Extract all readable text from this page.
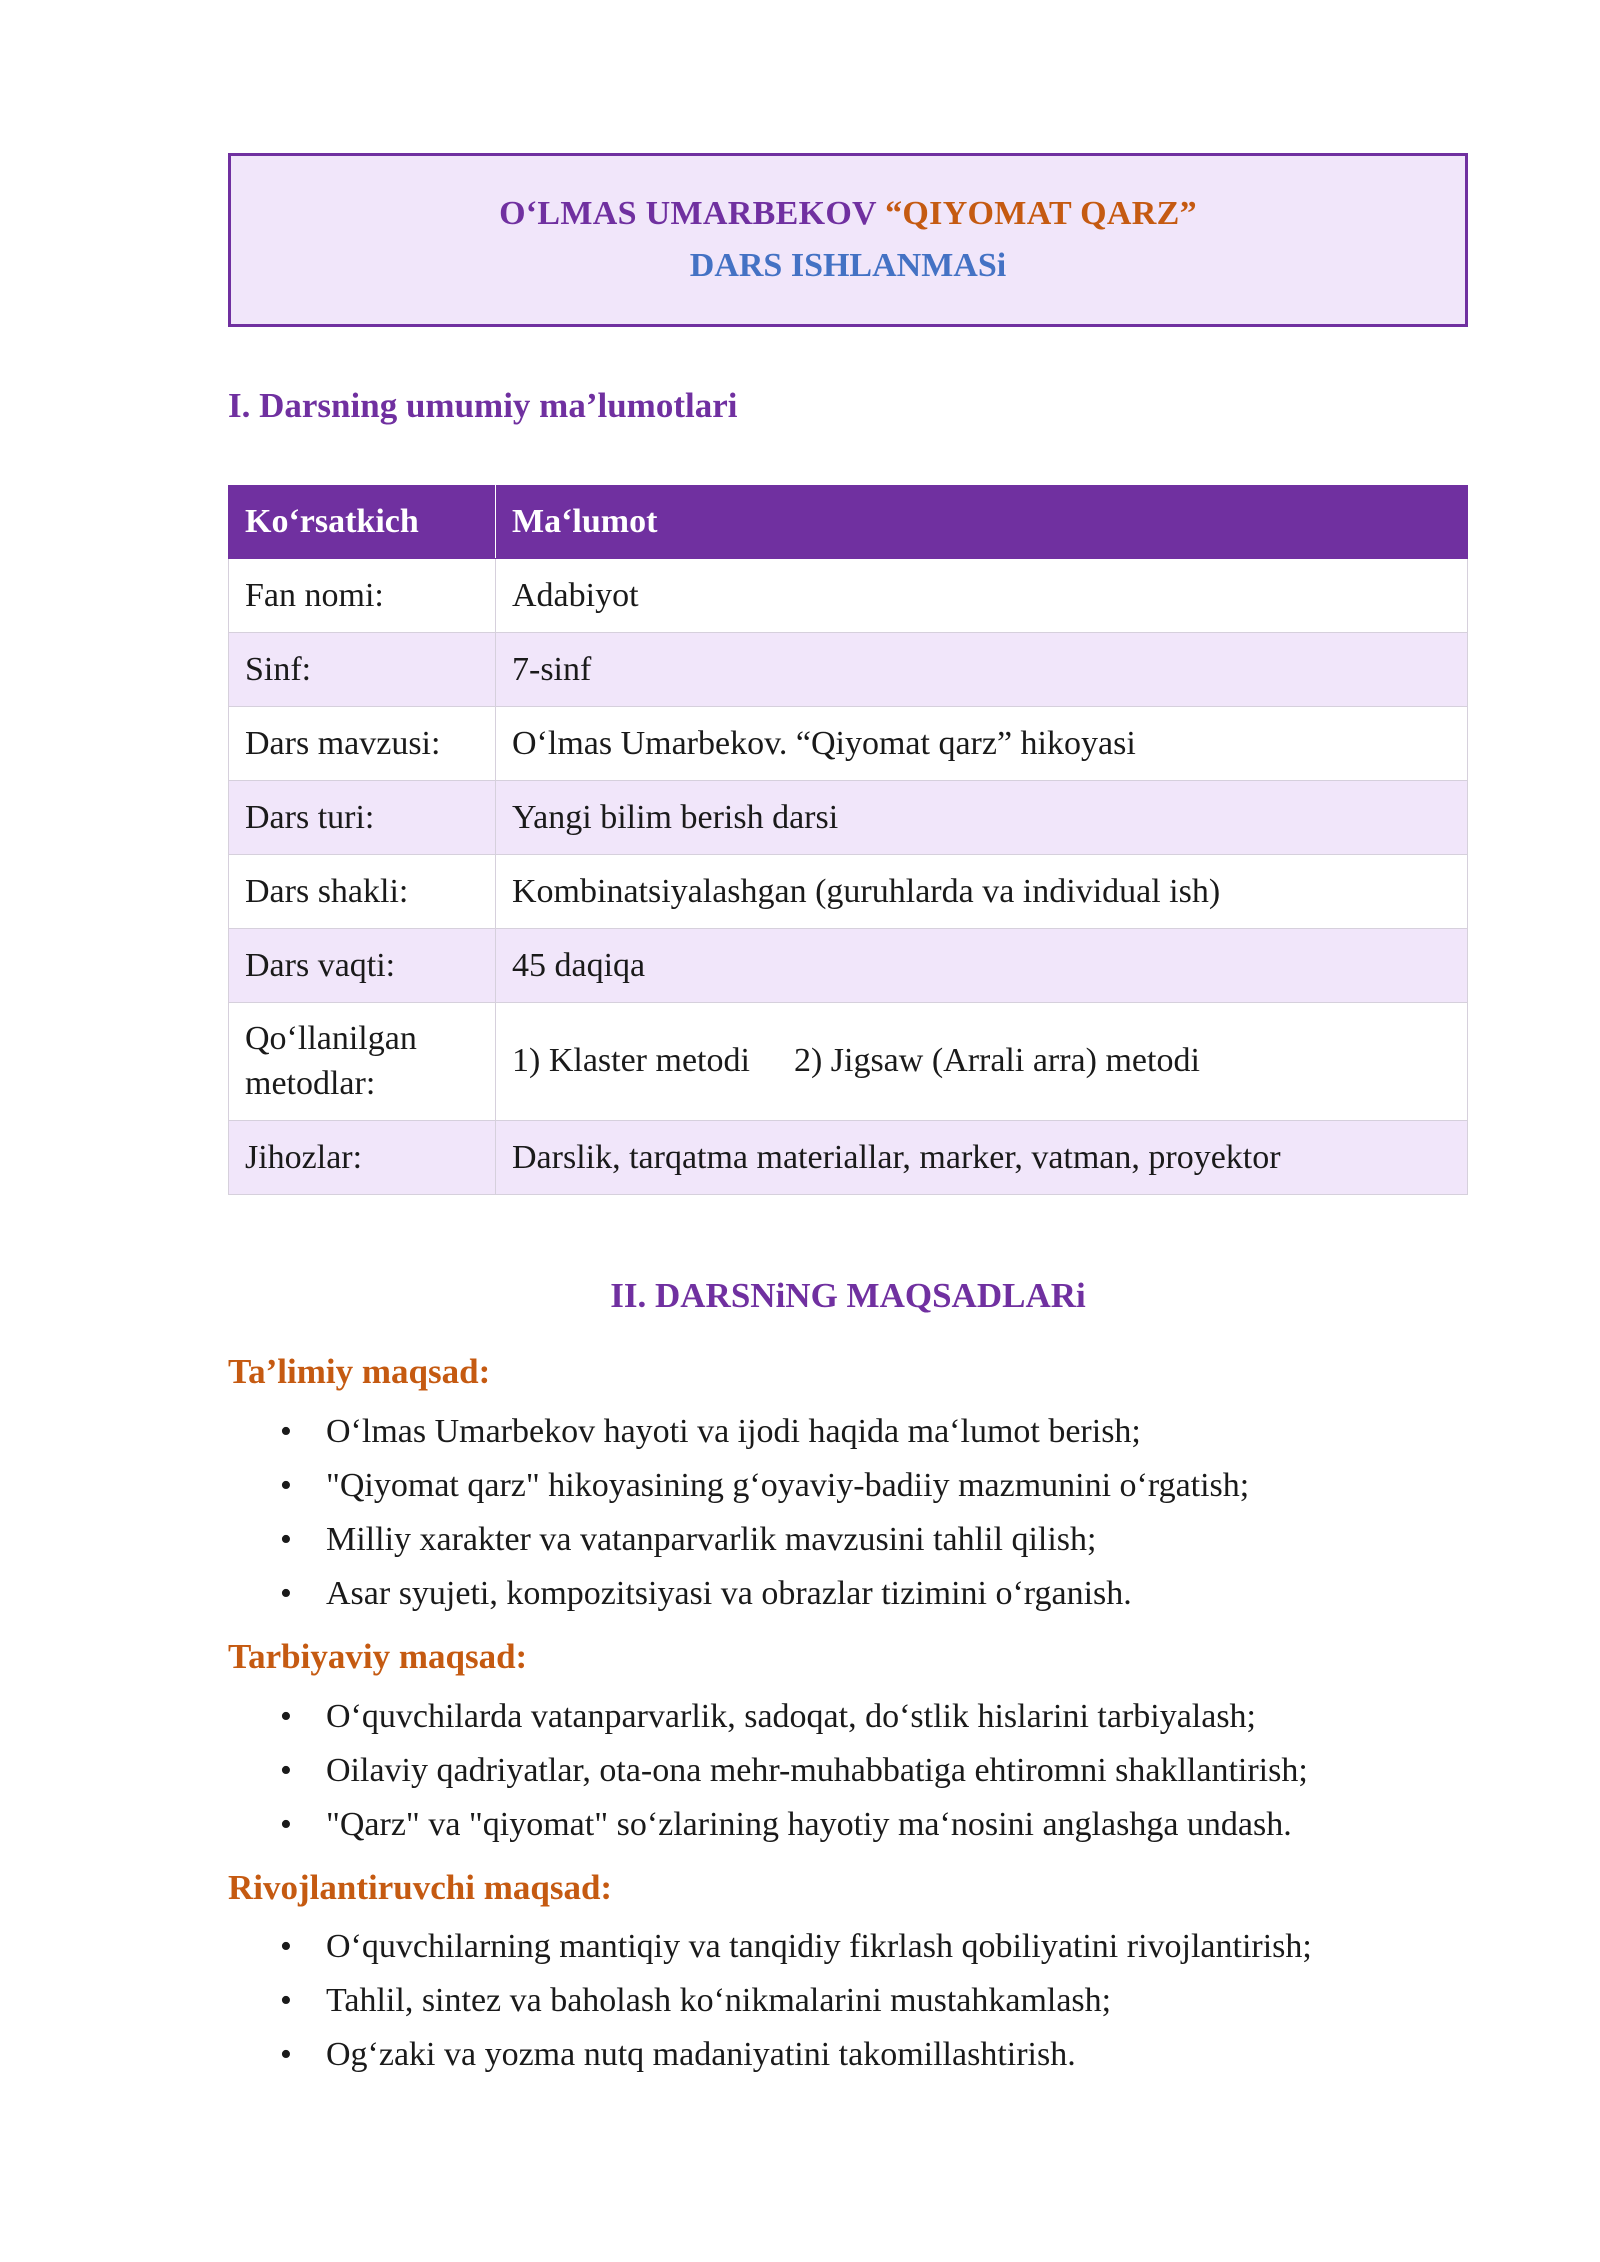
O‘LMAS UMARBEKOV “QIYOMAT QARZ”
DARS ISHLANMASi
I. Darsning umumiy ma’lumotlari
Ko‘rsatkich	Ma‘lumot
Fan nomi:	Adabiyot
Sinf:	7-sinf
Dars mavzusi:	O‘lmas Umarbekov. “Qiyomat qarz” hikoyasi
Dars turi:	Yangi bilim berish darsi
Dars shakli:	Kombinatsiyalashgan (guruhlarda va individual ish)
Dars vaqti:	45 daqiqa
Qo‘llanilgan
metodlar:	1) Klaster metodi 2) Jigsaw (Arrali arra) metodi
Jihozlar:	Darslik, tarqatma materiallar, marker, vatman, proyektor
II. DARSNiNG MAQSADLARi
Ta’limiy maqsad:
• O‘lmas Umarbekov hayoti va ijodi haqida ma‘lumot berish;
• "Qiyomat qarz" hikoyasining g‘oyaviy-badiiy mazmunini o‘rgatish;
• Milliy xarakter va vatanparvarlik mavzusini tahlil qilish;
• Asar syujeti, kompozitsiyasi va obrazlar tizimini o‘rganish.
Tarbiyaviy maqsad:
• O‘quvchilarda vatanparvarlik, sadoqat, do‘stlik hislarini tarbiyalash;
• Oilaviy qadriyatlar, ota-ona mehr-muhabbatiga ehtiromni shakllantirish;
• "Qarz" va "qiyomat" so‘zlarining hayotiy ma‘nosini anglashga undash.
Rivojlantiruvchi maqsad:
• O‘quvchilarning mantiqiy va tanqidiy fikrlash qobiliyatini rivojlantirish;
• Tahlil, sintez va baholash ko‘nikmalarini mustahkamlash;
• Og‘zaki va yozma nutq madaniyatini takomillashtirish.
